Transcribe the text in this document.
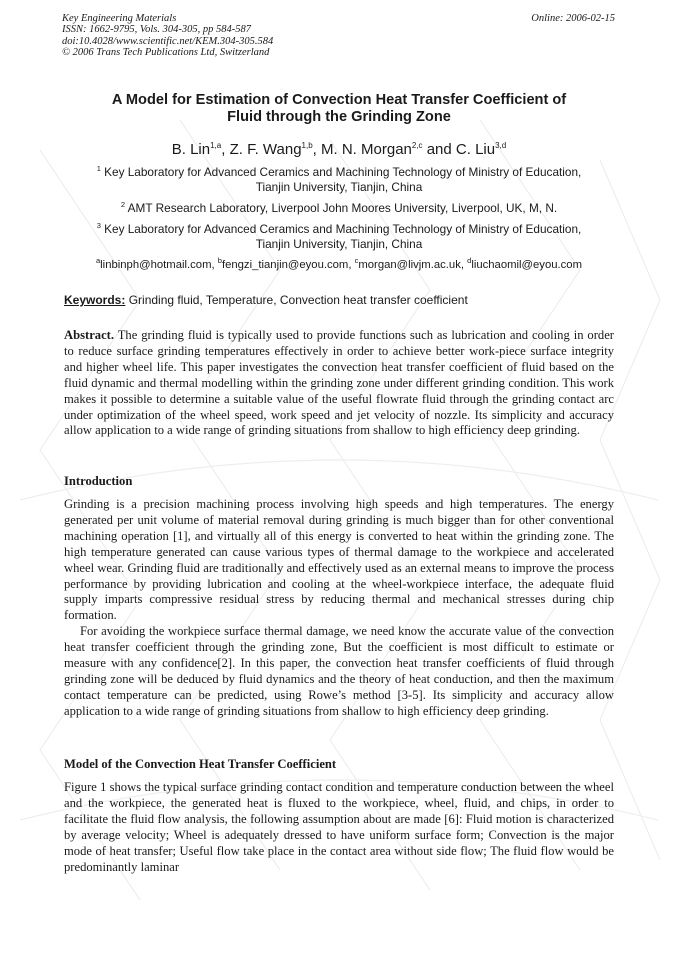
Key Engineering Materials
ISSN: 1662-9795, Vols. 304-305, pp 584-587
doi:10.4028/www.scientific.net/KEM.304-305.584
© 2006 Trans Tech Publications Ltd, Switzerland
Online: 2006-02-15
A Model for Estimation of Convection Heat Transfer Coefficient of
Fluid through the Grinding Zone
B. Lin$^{1,a}$, Z. F. Wang$^{1,b}$, M. N. Morgan$^{2,c}$ and C. Liu$^{3,d}$
$^1$ Key Laboratory for Advanced Ceramics and Machining Technology of Ministry of Education,
Tianjin University, Tianjin, China
$^2$ AMT Research Laboratory, Liverpool John Moores University, Liverpool, UK, M, N.
$^3$ Key Laboratory for Advanced Ceramics and Machining Technology of Ministry of Education,
Tianjin University, Tianjin, China
$^a$linbinph@hotmail.com, $^b$fengzi_tianjin@eyou.com, $^c$morgan@livjm.ac.uk, $^d$liuchaomil@eyou.com
Keywords: Grinding fluid, Temperature, Convection heat transfer coefficient
Abstract. The grinding fluid is typically used to provide functions such as lubrication and cooling in order to reduce surface grinding temperatures effectively in order to achieve better work-piece surface integrity and higher wheel life. This paper investigates the convection heat transfer coefficient of fluid based on the fluid dynamic and thermal modelling within the grinding zone under different grinding condition. This work makes it possible to determine a suitable value of the useful flowrate fluid through the grinding contact arc under optimization of the wheel speed, work speed and jet velocity of nozzle. Its simplicity and accuracy allow application to a wide range of grinding situations from shallow to high efficiency deep grinding.
Introduction
Grinding is a precision machining process involving high speeds and high temperatures. The energy generated per unit volume of material removal during grinding is much bigger than for other conventional machining operation [1], and virtually all of this energy is converted to heat within the grinding zone. The high temperature generated can cause various types of thermal damage to the workpiece and accelerated wheel wear. Grinding fluid are traditionally and effectively used as an external means to improve the process performance by providing lubrication and cooling at the wheel-workpiece interface, the adequate fluid supply imparts compressive residual stress by reducing thermal and mechanical stresses during chip formation.
For avoiding the workpiece surface thermal damage, we need know the accurate value of the convection heat transfer coefficient through the grinding zone, But the coefficient is most difficult to estimate or measure with any confidence[2]. In this paper, the convection heat transfer coefficients of fluid through grinding zone will be deduced by fluid dynamics and the theory of heat conduction, and then the maximum contact temperature can be predicted, using Rowe’s method [3-5]. Its simplicity and accuracy allow application to a wide range of grinding situations from shallow to high efficiency deep grinding.
Model of the Convection Heat Transfer Coefficient
Figure 1 shows the typical surface grinding contact condition and temperature conduction between the wheel and the workpiece, the generated heat is fluxed to the workpiece, wheel, fluid, and chips, in order to facilitate the fluid flow analysis, the following assumption about are made [6]: Fluid motion is characterized by average velocity; Wheel is adequately dressed to have uniform surface form; Convection is the major mode of heat transfer; Useful flow take place in the contact area without side flow; The fluid flow would be predominantly laminar
